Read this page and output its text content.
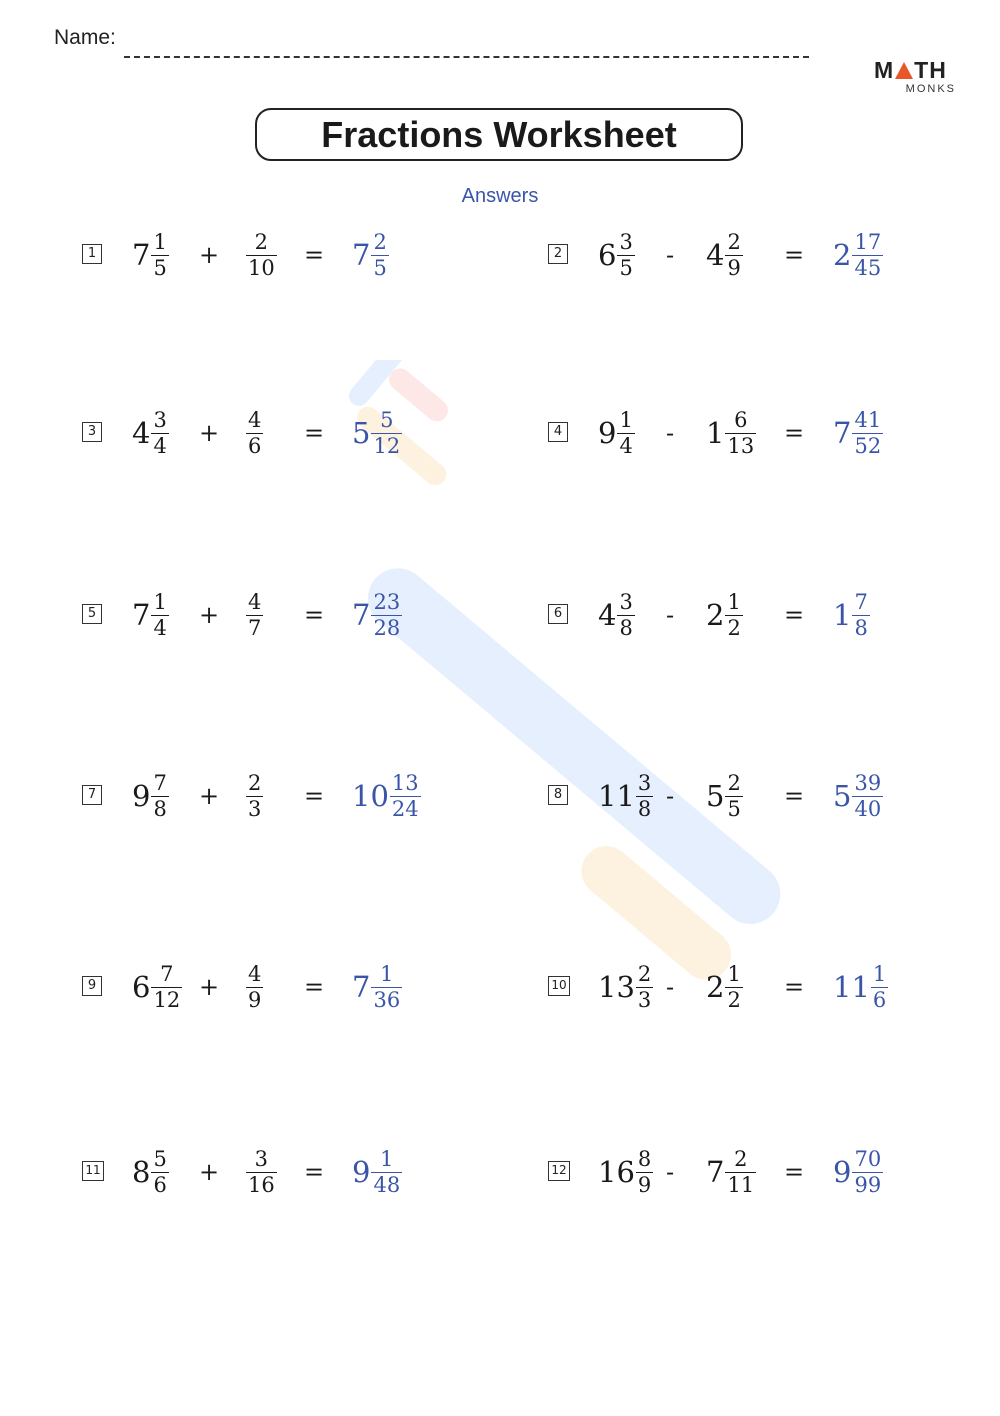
Name:
M TH
MONKS
Fractions Worksheet
Answers
1 $7 \frac{1}{5} + \frac{2}{10} = 7 \frac{2}{5}$	2 $6 \frac{3}{5} - 4 \frac{2}{9} = 2 \frac{17}{45}$
3 $4 \frac{3}{4} + \frac{4}{6} = 5 \frac{5}{12}$	4 $9 \frac{1}{4} - 1 \frac{6}{13} = 7 \frac{41}{52}$
5 $7 \frac{1}{4} + \frac{4}{7} = 7 \frac{23}{28}$	6 $4 \frac{3}{8} - 2 \frac{1}{2} = 1 \frac{7}{8}$
7 $9 \frac{7}{8} + \frac{2}{3} = 10 \frac{13}{24}$	8 $11 \frac{3}{8} - 5 \frac{2}{5} = 5 \frac{39}{40}$
9 $6 \frac{7}{12} + \frac{4}{9} = 7 \frac{1}{36}$	10 $13 \frac{2}{3} - 2 \frac{1}{2} = 11 \frac{1}{6}$
11 $8 \frac{5}{6} + \frac{3}{16} = 9 \frac{1}{48}$	12 $16 \frac{8}{9} - 7 \frac{2}{11} = 9 \frac{70}{99}$
